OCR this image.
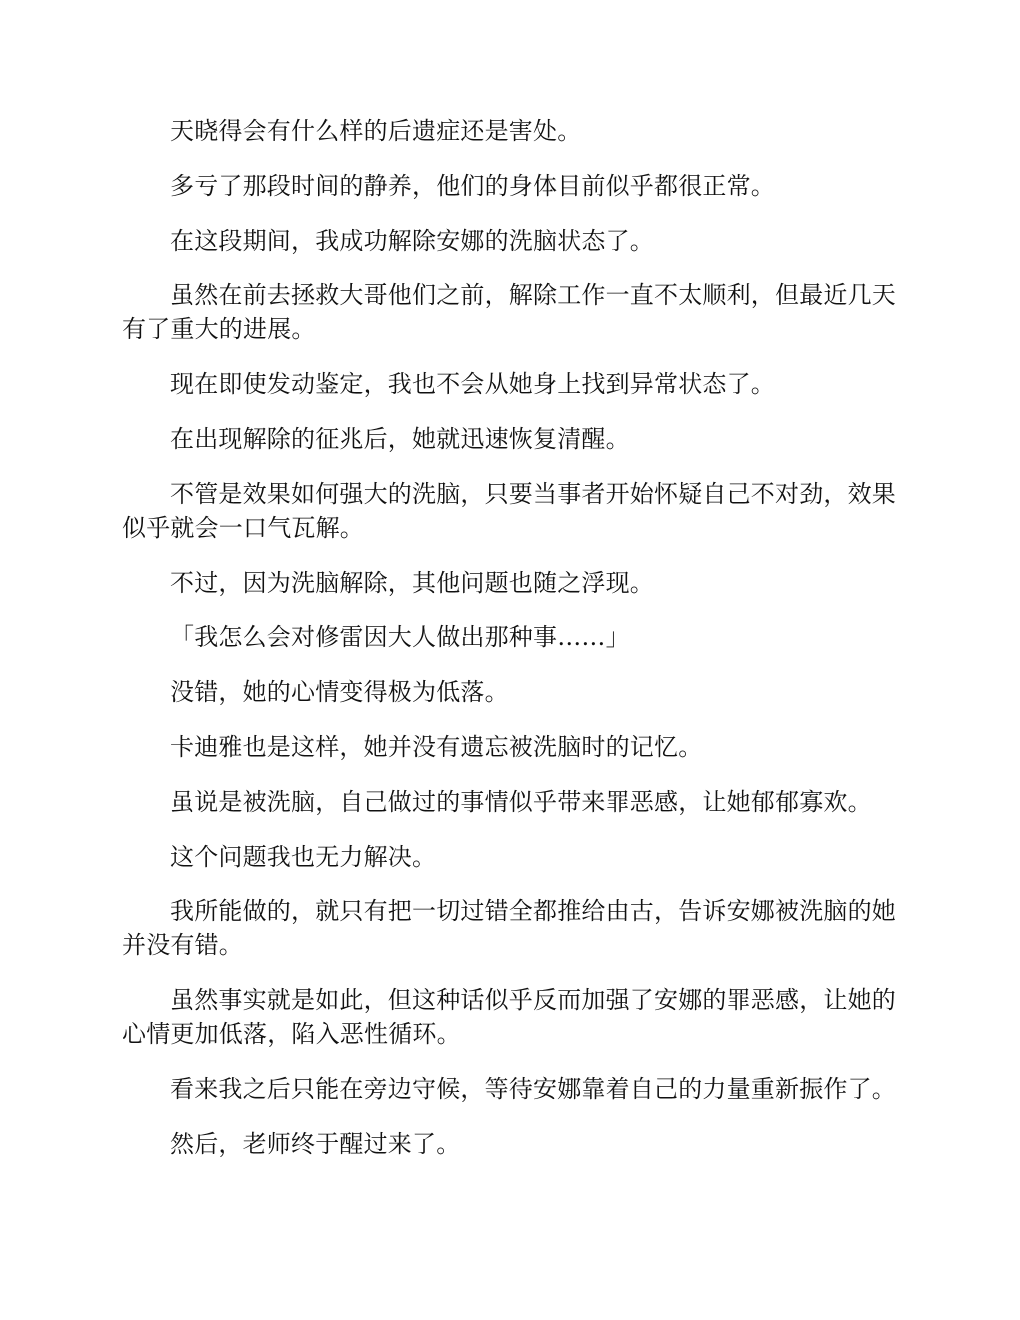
天晓得会有什么样的后遗症还是害处。

多亏了那段时间的静养，他们的身体目前似乎都很正常。

在这段期间，我成功解除安娜的洗脑状态了。

虽然在前去拯救大哥他们之前，解除工作一直不太顺利，但最近几天有了重大的进展。

现在即使发动鉴定，我也不会从她身上找到异常状态了。

在出现解除的征兆后，她就迅速恢复清醒。

不管是效果如何强大的洗脑，只要当事者开始怀疑自己不对劲，效果似乎就会一口气瓦解。

不过，因为洗脑解除，其他问题也随之浮现。

「我怎么会对修雷因大人做出那种事……」

没错，她的心情变得极为低落。

卡迪雅也是这样，她并没有遗忘被洗脑时的记忆。

虽说是被洗脑，自己做过的事情似乎带来罪恶感，让她郁郁寡欢。

这个问题我也无力解决。

我所能做的，就只有把一切过错全都推给由古，告诉安娜被洗脑的她并没有错。

虽然事实就是如此，但这种话似乎反而加强了安娜的罪恶感，让她的心情更加低落，陷入恶性循环。

看来我之后只能在旁边守候，等待安娜靠着自己的力量重新振作了。

然后，老师终于醒过来了。
